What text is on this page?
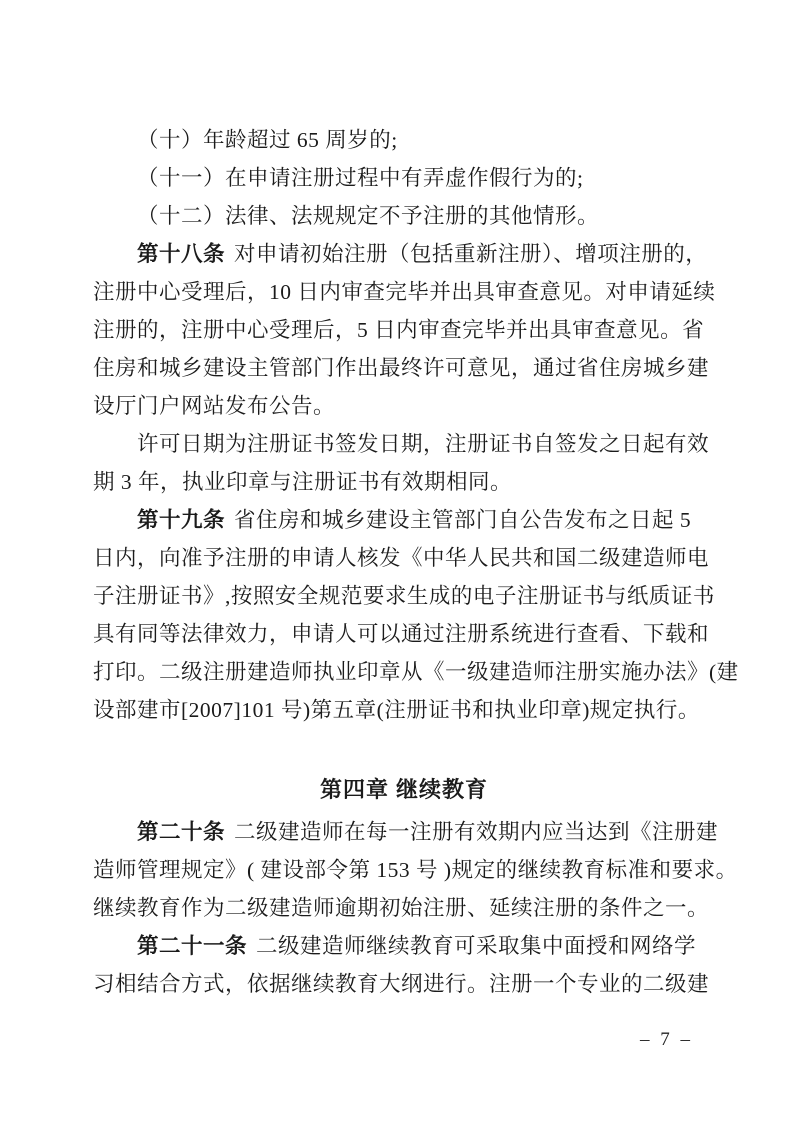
（十）年龄超过 65 周岁的;

（十一）在申请注册过程中有弄虚作假行为的;

（十二）法律、法规规定不予注册的其他情形。

第十八条 对申请初始注册（包括重新注册）、增项注册的，

注册中心受理后，10 日内审查完毕并出具审查意见。对申请延续

注册的，注册中心受理后，5 日内审查完毕并出具审查意见。省

住房和城乡建设主管部门作出最终许可意见，通过省住房城乡建

设厅门户网站发布公告。

许可日期为注册证书签发日期，注册证书自签发之日起有效

期 3 年，执业印章与注册证书有效期相同。

第十九条 省住房和城乡建设主管部门自公告发布之日起 5

日内，向准予注册的申请人核发《中华人民共和国二级建造师电

子注册证书》,按照安全规范要求生成的电子注册证书与纸质证书

具有同等法律效力，申请人可以通过注册系统进行查看、下载和

打印。二级注册建造师执业印章从《一级建造师注册实施办法》(建

设部建市[2007]101 号)第五章(注册证书和执业印章)规定执行。

第四章 继续教育

第二十条 二级建造师在每一注册有效期内应当达到《注册建

造师管理规定》( 建设部令第 153 号 )规定的继续教育标准和要求。

继续教育作为二级建造师逾期初始注册、延续注册的条件之一。

第二十一条 二级建造师继续教育可采取集中面授和网络学

习相结合方式，依据继续教育大纲进行。注册一个专业的二级建

– 7 –
